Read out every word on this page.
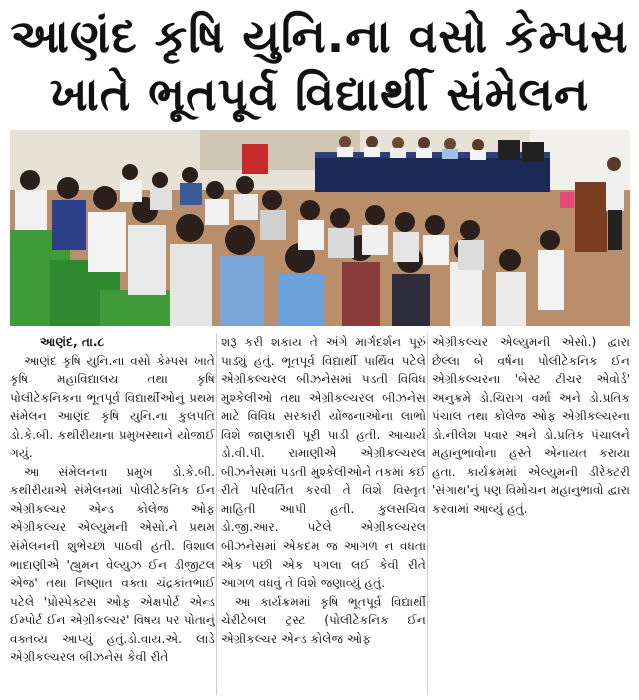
આણંદ કૃષિ યુનિ.ના વસો કેમ્પસ
ખાતે ભૂતપૂર્વ વિદ્યાર્થી સંમેલન

આણંદ, તા.૮

આણંદ કૃષિ યુનિ.ના વસો કેમ્પસ ખાતે કૃષિ મહાવિદ્યાલય તથા કૃષિ પોલીટેકનિકના ભૂતપૂર્વ વિદ્યાર્થીઓનું પ્રથમ સંમેલન આણંદ કૃષિ યુનિ.ના કુલપતિ ડો.કે.બી. કથીરીયાના પ્રમુખસ્થાને યોજાઈ ગયું.

આ સંમેલનના પ્રમુખ ડો.કે.બી. કથીરીયાએ સંમેલનમાં પોલીટેકનિક ઈન એગ્રીકલ્ચર એન્ડ કોલેજ ઓફ એગ્રીકલ્ચર એલ્યુમની એસો.ને પ્રથમ સંમેલનની શુભેચ્છા પાઠવી હતી. વિશાલ ભાદાણીએ 'હ્યુમન વેલ્યુઝ ઈન ડીજીટલ એજ' તથા નિષ્ણાત વક્તા ચંદ્રકાંતભાઈ પટેલે 'પ્રોસ્પેક્ટસ ઓફ એક્ષપોર્ટ એન્ડ ઈમ્પોર્ટ ઈન એગ્રીકલ્ચર' વિષય પર પોતાનું વક્તવ્ય આપ્યું હતું.ડો.વાય.એ. લાડે એગ્રીકલ્ચરલ બીઝનેસ કેવી રીતે

શરૂ કરી શકાય તે અંગે માર્ગદર્શન પૂરું પાડ્યું હતું. ભૂતપૂર્વ વિદ્યાર્થી પાર્થિવ પટેલે એગ્રીકલ્ચરલ બીઝનેસમાં પડતી વિવિધ મુશ્કેલીઓ તથા એગ્રીકલ્ચરલ બીઝનેસ માટે વિવિધ સરકારી યોજનાઓના લાભો વિશે જાણકારી પૂરી પાડી હતી. આચાર્ય ડો.વી.પી. રામાણીએ એગ્રીકલ્ચરલ બીઝનેસમાં પડતી મુશ્કેલીઓને તકમાં કઈ રીતે પરિવર્તિત કરવી તે વિશે વિસ્તૃત માહિતી આપી હતી. કુલસચિવ ડો.જી.આર. પટેલે એગ્રીકલ્ચરલ બીઝનેસમાં એકદમ જ આગળ ન વધતા એક પછી એક પગલા લઈ કેવી રીતે આગળ વધવું તે વિશે જણાવ્યું હતું.

આ કાર્યક્રમમાં કૃષિ ભૂતપૂર્વ વિદ્યાર્થી ચેરીટેબલ ટ્રસ્ટ (પોલીટેકનિક ઈન એગ્રીકલ્ચર એન્ડ કોલેજ ઓફ

એગ્રીકલ્ચર એલ્યુમની એસો.) દ્વારા છેલ્લા બે વર્ષના પોલીટેકનિક ઈન એગ્રીકલ્ચરના 'બેસ્ટ ટીચર એવોર્ડ' અનુક્રમે ડો.ચિરાગ વર્મા અને ડો.પ્રતિક પંચાલ તથા કોલેજ ઓફ એગ્રીકલ્ચરના ડો.નીલેશ પવાર અને ડો.પ્રતિક પંચાલને મહાનુભાવોના હસ્તે એનાયત કરાયા હતા. કાર્યક્રમમાં એલ્યુમની ડીરેક્ટરી 'સંગાથ'નું પણ વિમોચન મહાનુભાવો દ્વારા કરવામાં આવ્યું હતું.
